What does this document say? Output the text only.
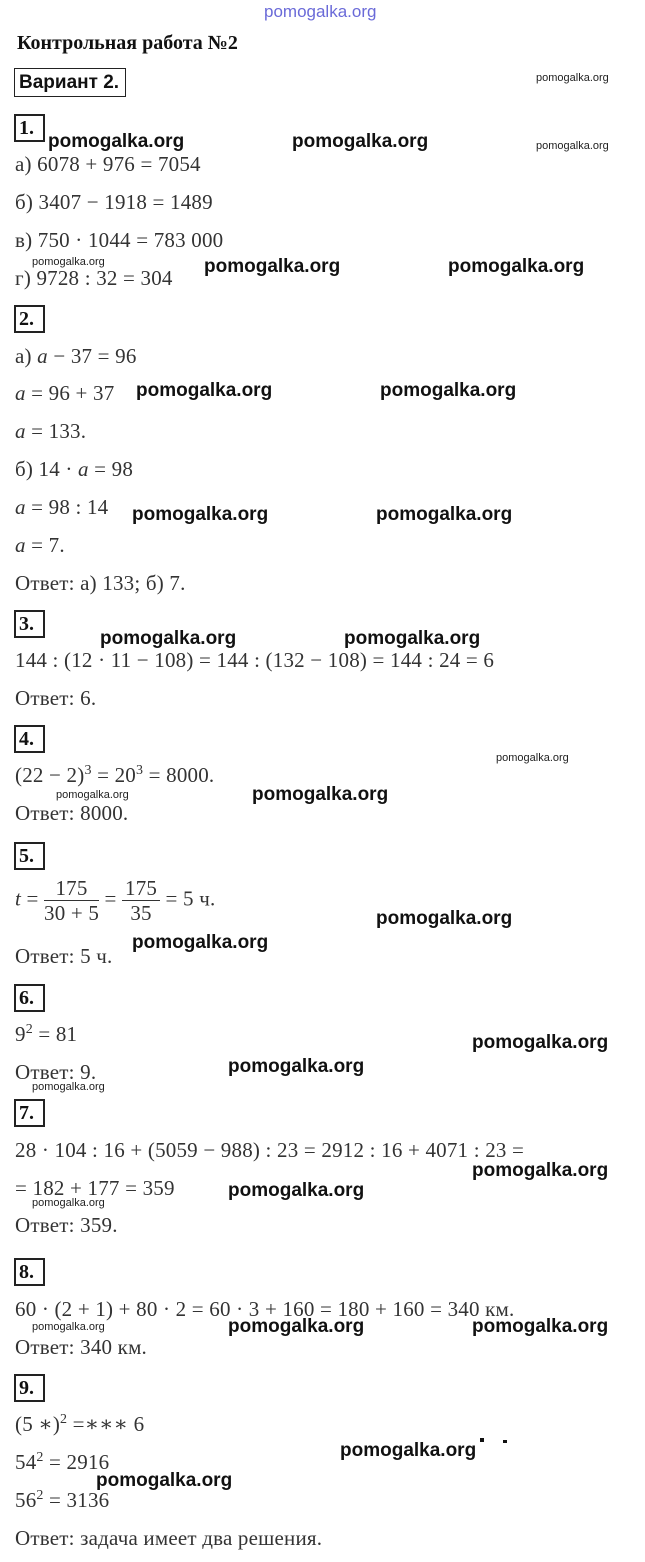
pomogalka.org
Контрольная работа №2
Вариант 2.
1.
а) 6078 + 976 = 7054
б) 3407 − 1918 = 1489
в) 750 · 1044 = 783 000
г) 9728 : 32 = 304
2.
а) a − 37 = 96
a = 96 + 37
a = 133.
б) 14 · a = 98
a = 98 : 14
a = 7.
Ответ: а) 133; б) 7.
3.
144 : (12 · 11 − 108) = 144 : (132 − 108) = 144 : 24 = 6
Ответ: 6.
4.
$(22 - 2)^3 = 20^3 = 8000$.
Ответ: 8000.
5.
$t = \frac{175}{30 + 5} = \frac{175}{35} = 5$ ч.
Ответ: 5 ч.
6.
$9^2 = 81$
Ответ: 9.
7.
28 · 104 : 16 + (5059 − 988) : 23 = 2912 : 16 + 4071 : 23 =
= 182 + 177 = 359
Ответ: 359.
8.
60 · (2 + 1) + 80 · 2 = 60 · 3 + 160 = 180 + 160 = 340 км.
Ответ: 340 км.
9.
(5 ∗)$^2$ =∗∗∗ 6
$54^2 = 2916$
$56^2 = 3136$
Ответ: задача имеет два решения.
pomogalka.org
pomogalka.org	pomogalka.org	pomogalka.org
pomogalka.org	pomogalka.org	pomogalka.org
pomogalka.org	pomogalka.org
pomogalka.org	pomogalka.org
pomogalka.org	pomogalka.org
pomogalka.org
pomogalka.org	pomogalka.org
pomogalka.org
pomogalka.org
pomogalka.org
pomogalka.org
pomogalka.org
pomogalka.org
pomogalka.org
pomogalka.org
pomogalka.org	pomogalka.org	pomogalka.org
pomogalka.org
pomogalka.org
